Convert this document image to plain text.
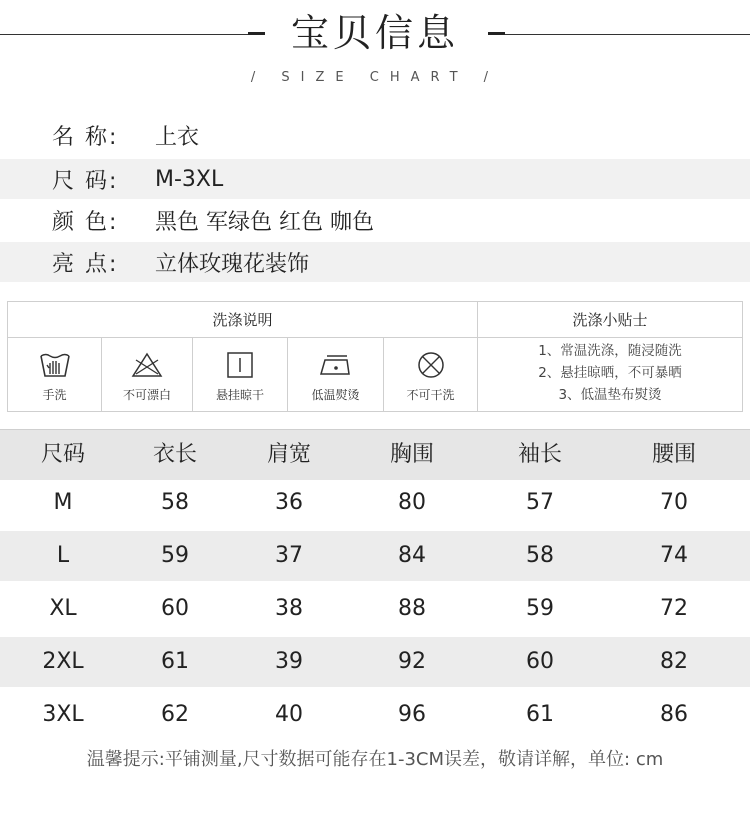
宝贝信息
/ SIZE CHART /
名 称:	上衣
尺 码:	M-3XL
颜 色:	黑色 军绿色 红色 咖色
亮 点:	立体玫瑰花装饰
洗涤说明	洗涤小贴士
手洗	不可漂白	悬挂晾干	低温熨烫	不可干洗
1、常温洗涤，随浸随洗
2、悬挂晾晒，不可暴晒
3、低温垫布熨烫
尺码	衣长	肩宽	胸围	袖长	腰围
M	58	36	80	57	70
L	59	37	84	58	74
XL	60	38	88	59	72
2XL	61	39	92	60	82
3XL	62	40	96	61	86
温馨提示:平铺测量,尺寸数据可能存在1-3CM误差，敬请详解，单位: cm
